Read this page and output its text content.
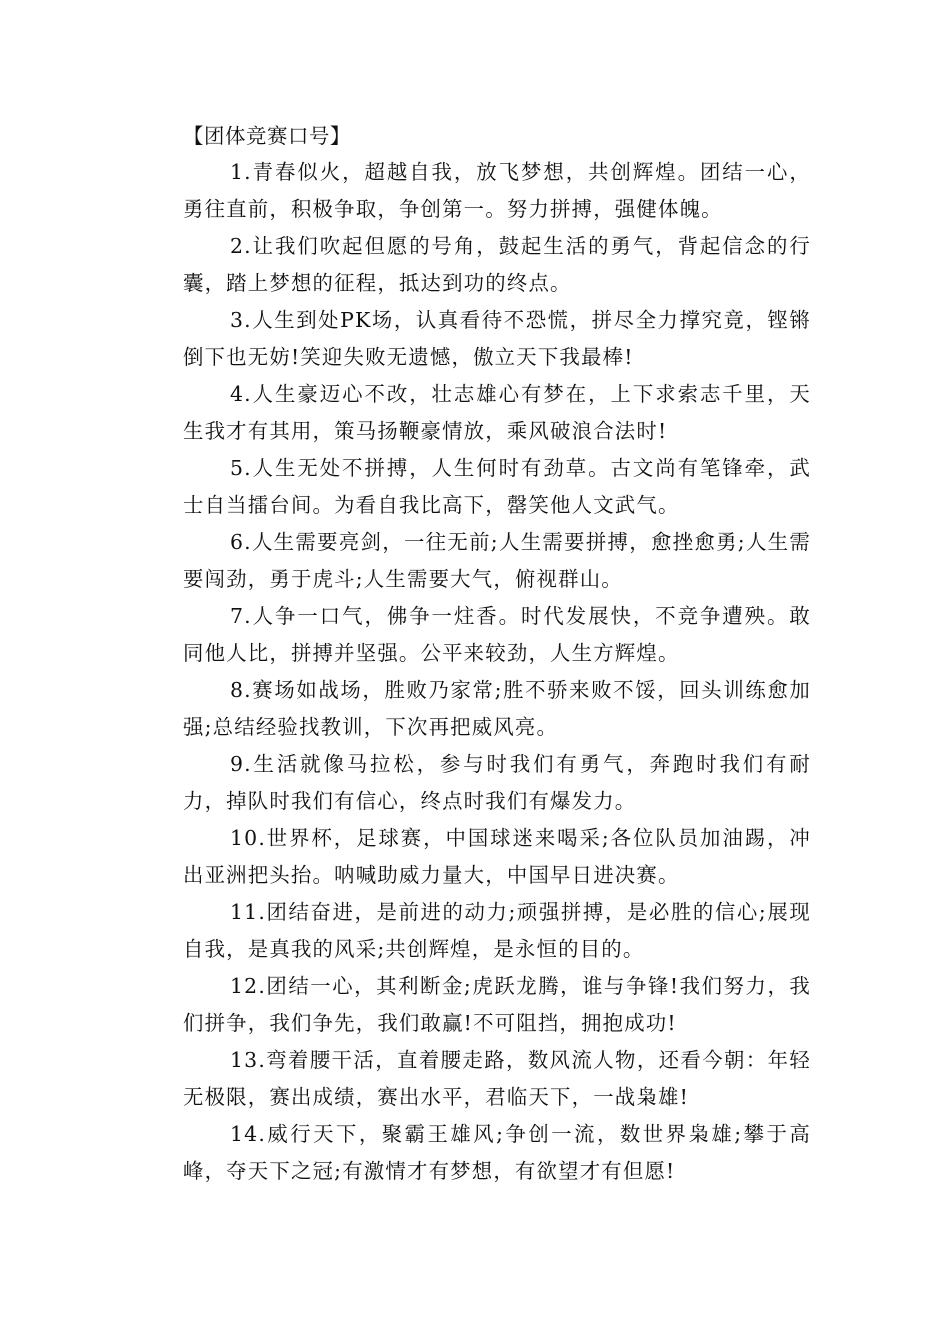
【团体竞赛口号】

1.青春似火，超越自我，放飞梦想，共创辉煌。团结一心，勇往直前，积极争取，争创第一。努力拼搏，强健体魄。

2.让我们吹起但愿的号角，鼓起生活的勇气，背起信念的行囊，踏上梦想的征程，抵达到功的终点。

3.人生到处PK场，认真看待不恐慌，拼尽全力撑究竟，铿锵倒下也无妨!笑迎失败无遗憾，傲立天下我最棒!

4.人生豪迈心不改，壮志雄心有梦在，上下求索志千里，天生我才有其用，策马扬鞭豪情放，乘风破浪合法时!

5.人生无处不拼搏，人生何时有劲草。古文尚有笔锋牵，武士自当擂台间。为看自我比高下，罄笑他人文武气。

6.人生需要亮剑，一往无前;人生需要拼搏，愈挫愈勇;人生需要闯劲，勇于虎斗;人生需要大气，俯视群山。

7.人争一口气，佛争一炷香。时代发展快，不竞争遭殃。敢同他人比，拼搏并坚强。公平来较劲，人生方辉煌。

8.赛场如战场，胜败乃家常;胜不骄来败不馁，回头训练愈加强;总结经验找教训，下次再把威风亮。

9.生活就像马拉松，参与时我们有勇气，奔跑时我们有耐力，掉队时我们有信心，终点时我们有爆发力。

10.世界杯，足球赛，中国球迷来喝采;各位队员加油踢，冲出亚洲把头抬。呐喊助威力量大，中国早日进决赛。

11.团结奋进，是前进的动力;顽强拼搏，是必胜的信心;展现自我，是真我的风采;共创辉煌，是永恒的目的。

12.团结一心，其利断金;虎跃龙腾，谁与争锋!我们努力，我们拼争，我们争先，我们敢赢!不可阻挡，拥抱成功!

13.弯着腰干活，直着腰走路，数风流人物，还看今朝：年轻无极限，赛出成绩，赛出水平，君临天下，一战枭雄!

14.威行天下，聚霸王雄风;争创一流，数世界枭雄;攀于高峰，夺天下之冠;有激情才有梦想，有欲望才有但愿!
